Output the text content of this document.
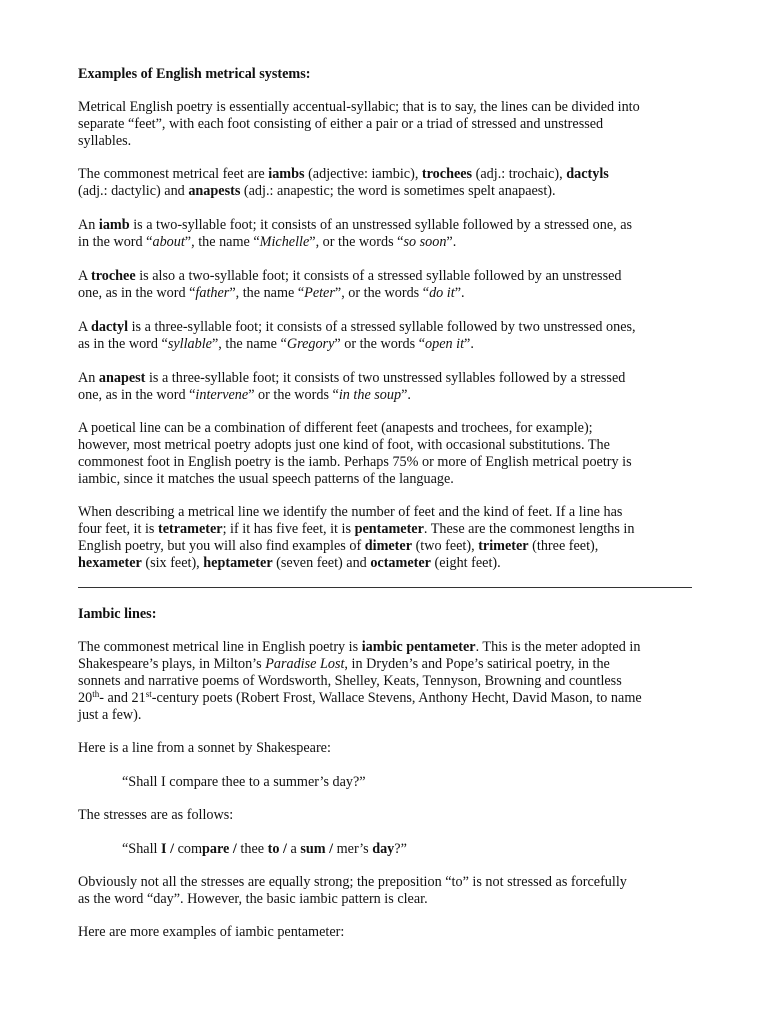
Examples of English metrical systems:

Metrical English poetry is essentially accentual-syllabic; that is to say, the lines can be divided into

separate “feet”, with each foot consisting of either a pair or a triad of stressed and unstressed

syllables.

The commonest metrical feet are iambs (adjective: iambic), trochees (adj.: trochaic), dactyls

(adj.: dactylic) and anapests (adj.: anapestic; the word is sometimes spelt anapaest).

An iamb is a two-syllable foot; it consists of an unstressed syllable followed by a stressed one, as

in the word “about”, the name “Michelle”, or the words “so soon”.

A trochee is also a two-syllable foot; it consists of a stressed syllable followed by an unstressed

one, as in the word “father”, the name “Peter”, or the words “do it”.

A dactyl is a three-syllable foot; it consists of a stressed syllable followed by two unstressed ones,

as in the word “syllable”, the name “Gregory” or the words “open it”.

An anapest is a three-syllable foot; it consists of two unstressed syllables followed by a stressed

one, as in the word “intervene” or the words “in the soup”.

A poetical line can be a combination of different feet (anapests and trochees, for example);

however, most metrical poetry adopts just one kind of foot, with occasional substitutions. The

commonest foot in English poetry is the iamb. Perhaps 75% or more of English metrical poetry is

iambic, since it matches the usual speech patterns of the language.

When describing a metrical line we identify the number of feet and the kind of feet. If a line has

four feet, it is tetrameter; if it has five feet, it is pentameter. These are the commonest lengths in

English poetry, but you will also find examples of dimeter (two feet), trimeter (three feet),

hexameter (six feet), heptameter (seven feet) and octameter (eight feet).

Iambic lines:

The commonest metrical line in English poetry is iambic pentameter. This is the meter adopted in

Shakespeare’s plays, in Milton’s Paradise Lost, in Dryden’s and Pope’s satirical poetry, in the

sonnets and narrative poems of Wordsworth, Shelley, Keats, Tennyson, Browning and countless

20th- and 21st-century poets (Robert Frost, Wallace Stevens, Anthony Hecht, David Mason, to name

just a few).

Here is a line from a sonnet by Shakespeare:

“Shall I compare thee to a summer’s day?”

The stresses are as follows:

“Shall I / compare / thee to / a sum / mer’s day?”

Obviously not all the stresses are equally strong; the preposition “to” is not stressed as forcefully

as the word “day”. However, the basic iambic pattern is clear.

Here are more examples of iambic pentameter:
